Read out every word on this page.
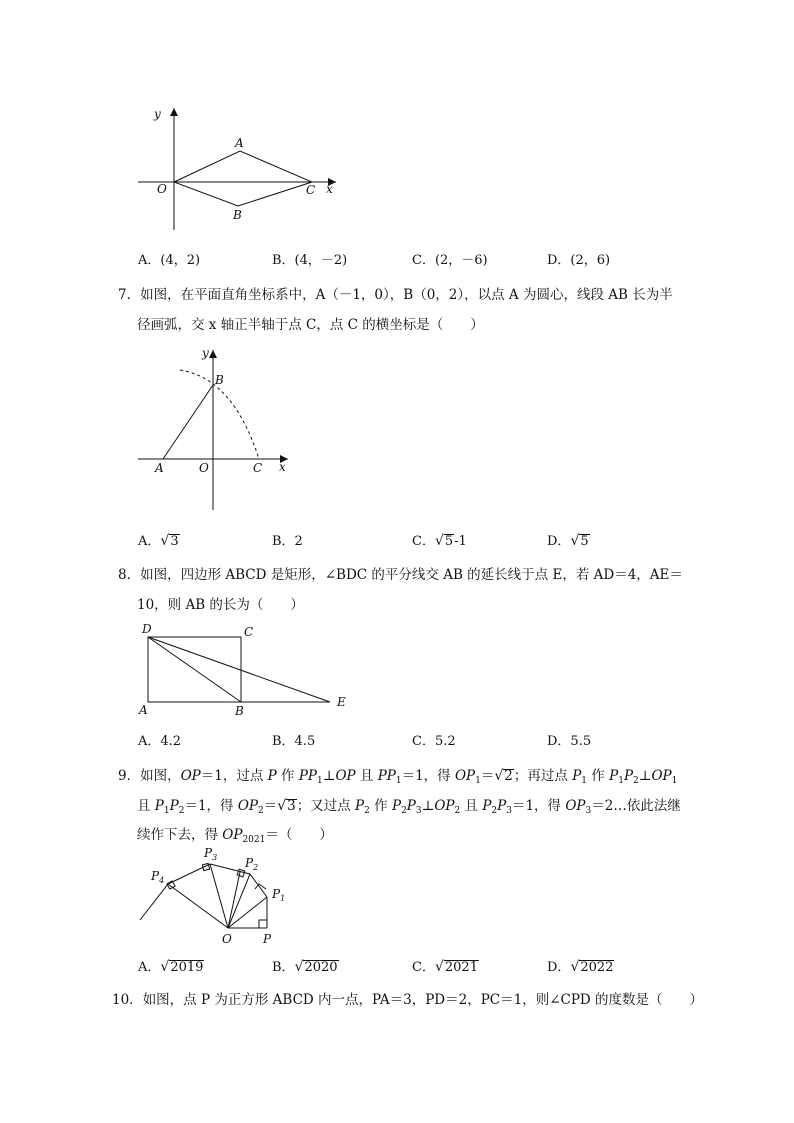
y
x
O
A
B
C
A．(4，2)	B．(4，－2)	C．(2，－6)	D．(2，6)
7．如图，在平面直角坐标系中，A（－1，0），B（0，2），以点 A 为圆心，线段 AB 长为半
径画弧，交 x 轴正半轴于点 C，点 C 的横坐标是（　　）
y
B
A	O	C x
A．√3	B．2	C．√5-1	D．√5
8．如图，四边形 ABCD 是矩形，∠BDC 的平分线交 AB 的延长线于点 E，若 AD＝4，AE＝
10，则 AB 的长为（　　）
D	C
A	B
E
A．4.2	B．4.5	C．5.2	D．5.5
9．如图，OP＝1，过点 P 作 $PP_1\perp OP$ 且 $PP_1=1$，得 $OP_1=√2$；再过点 $P_1$ 作 $P_1P_2\perp OP_1$
且 $P_1P_2=1$，得 $OP_2=√3$；又过点 $P_2$ 作 $P_2P_3\perp OP_2$ 且 $P_2P_3=1$，得 $OP_3=2\dots$依此法继
续作下去，得 $OP_{2021}=$（　　）
$P_4$
$P_3$ $P_2$
$P_1$
O	P
A．√2019	B．√2020	C．√2021	D．√2022
10．如图，点 P 为正方形 ABCD 内一点，PA＝3，PD＝2，PC＝1，则∠CPD 的度数是（　　）
